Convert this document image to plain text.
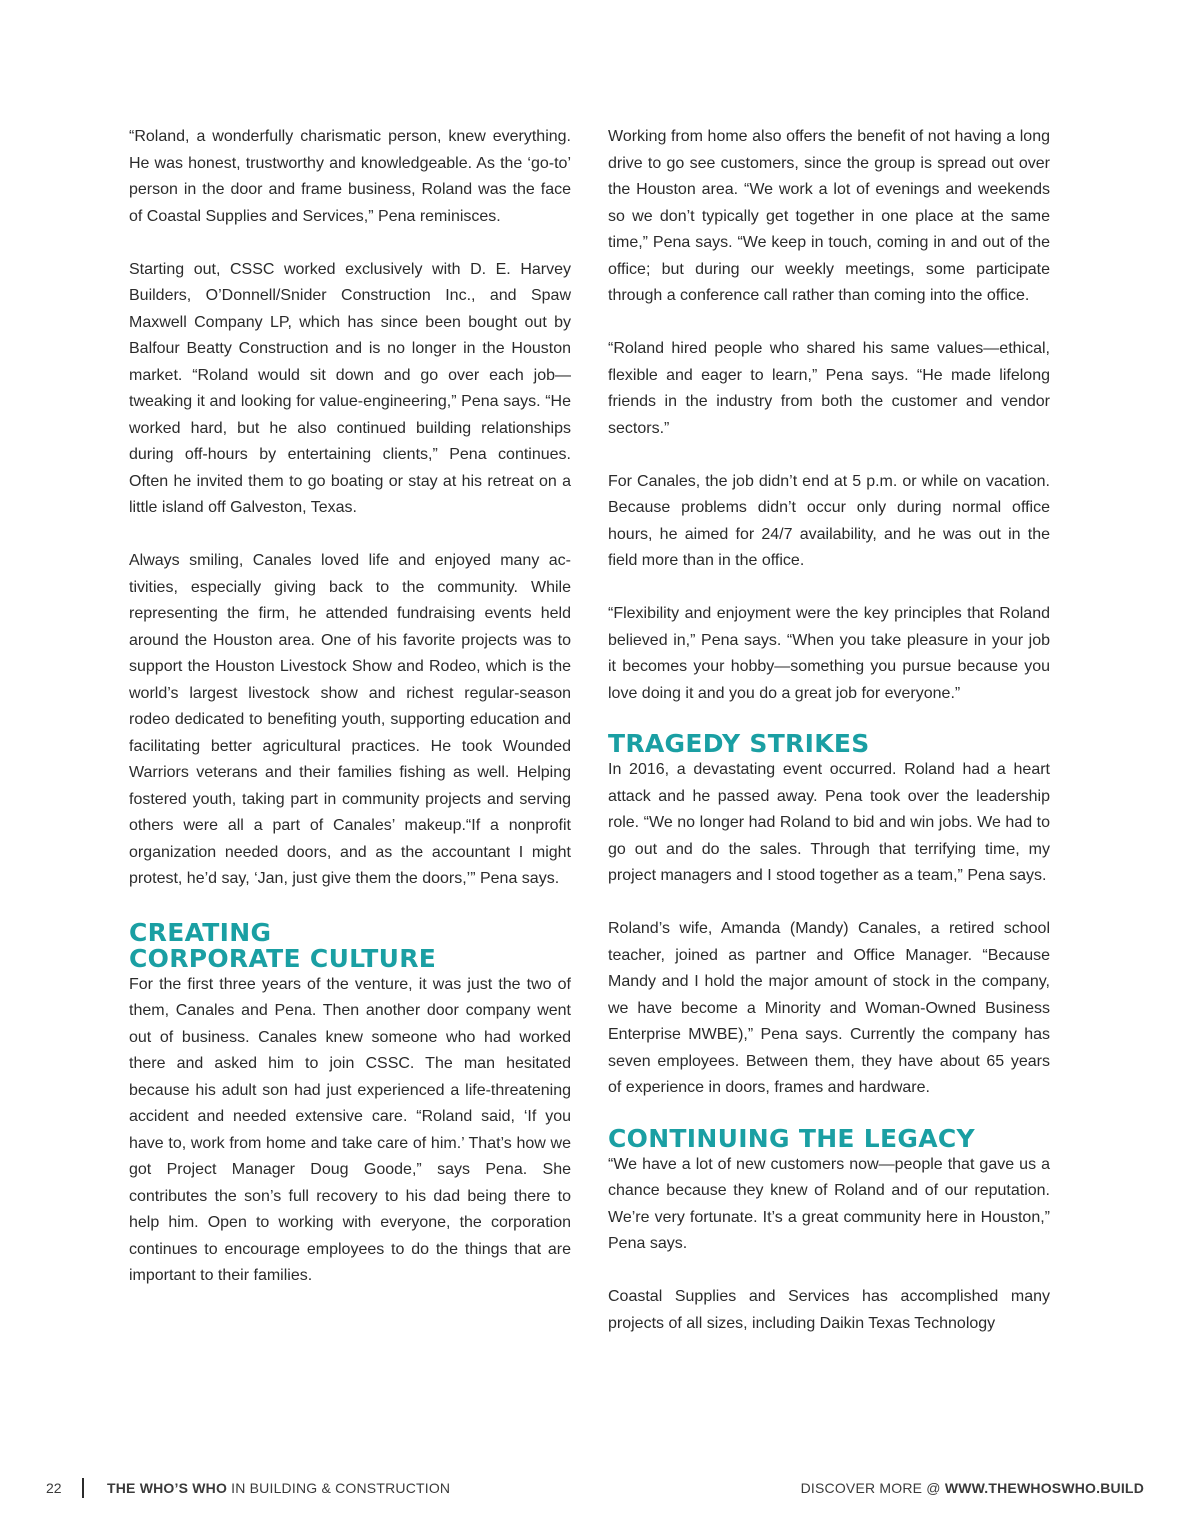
“Roland, a wonderfully charismatic person, knew everything. He was honest, trustworthy and knowledgeable. As the ‘go-to’ person in the door and frame business, Roland was the face of Coastal Supplies and Services,” Pena reminisces.

Starting out, CSSC worked exclusively with D. E. Harvey Builders, O’Donnell/Snider Construction Inc., and Spaw Maxwell Company LP, which has since been bought out by Balfour Beatty Construction and is no longer in the Houston market. “Roland would sit down and go over each job—tweaking it and looking for value-engineering,” Pena says. “He worked hard, but he also continued building relationships during off-hours by entertaining clients,” Pena continues. Often he invited them to go boating or stay at his retreat on a little island off Galveston, Texas.

Always smiling, Canales loved life and enjoyed many activities, especially giving back to the community. While representing the firm, he attended fundraising events held around the Houston area. One of his favorite projects was to support the Houston Livestock Show and Rodeo, which is the world’s largest livestock show and richest regular-season rodeo dedicated to benefiting youth, supporting education and facilitating better agricultural practices. He took Wounded Warriors veterans and their families fishing as well. Helping fostered youth, taking part in community projects and serving others were all a part of Canales’ makeup.“If a nonprofit organization needed doors, and as the accountant I might protest, he’d say, ‘Jan, just give them the doors,’” Pena says.

CREATING
CORPORATE CULTURE

For the first three years of the venture, it was just the two of them, Canales and Pena. Then another door company went out of business. Canales knew someone who had worked there and asked him to join CSSC. The man hesitated because his adult son had just experienced a life-threatening accident and needed extensive care. “Roland said, ‘If you have to, work from home and take care of him.’ That’s how we got Project Manager Doug Goode,” says Pena. She contributes the son’s full recovery to his dad being there to help him. Open to working with everyone, the corporation continues to encourage employees to do the things that are important to their families.

Working from home also offers the benefit of not having a long drive to go see customers, since the group is spread out over the Houston area. “We work a lot of evenings and weekends so we don’t typically get together in one place at the same time,” Pena says. “We keep in touch, coming in and out of the office; but during our weekly meetings, some participate through a conference call rather than coming into the office.

“Roland hired people who shared his same values—ethical, flexible and eager to learn,” Pena says. “He made lifelong friends in the industry from both the customer and vendor sectors.”

For Canales, the job didn’t end at 5 p.m. or while on vacation. Because problems didn’t occur only during normal office hours, he aimed for 24/7 availability, and he was out in the field more than in the office.

“Flexibility and enjoyment were the key principles that Roland believed in,” Pena says. “When you take pleasure in your job it becomes your hobby—something you pursue because you love doing it and you do a great job for everyone.”

TRAGEDY STRIKES

In 2016, a devastating event occurred. Roland had a heart attack and he passed away. Pena took over the leadership role. “We no longer had Roland to bid and win jobs. We had to go out and do the sales. Through that terrifying time, my project managers and I stood together as a team,” Pena says.

Roland’s wife, Amanda (Mandy) Canales, a retired school teacher, joined as partner and Office Manager. “Because Mandy and I hold the major amount of stock in the company, we have become a Minority and Woman-Owned Business Enterprise MWBE),” Pena says. Currently the company has seven employees. Between them, they have about 65 years of experience in doors, frames and hardware.

CONTINUING THE LEGACY

“We have a lot of new customers now—people that gave us a chance because they knew of Roland and of our reputation. We’re very fortunate. It’s a great community here in Houston,” Pena says.

Coastal Supplies and Services has accomplished many projects of all sizes, including Daikin Texas Technology

22	THE WHO’S WHO IN BUILDING & CONSTRUCTION	DISCOVER MORE @ WWW.THEWHOSWHO.BUILD
